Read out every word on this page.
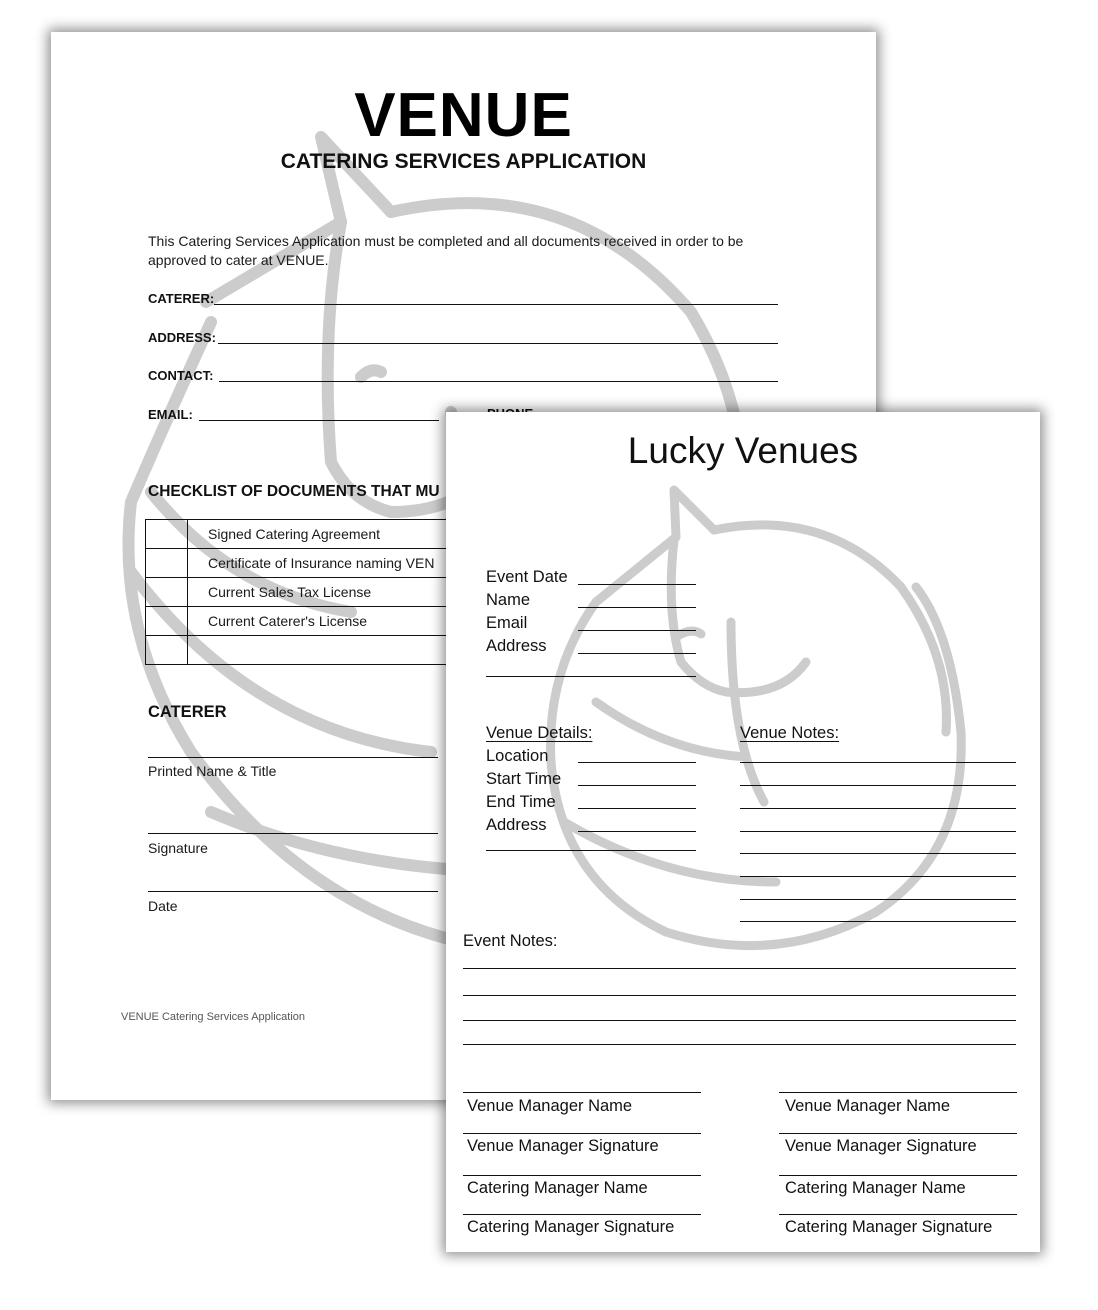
VENUE
CATERING SERVICES APPLICATION
This Catering Services Application must be completed and all documents received in order to be approved to cater at VENUE.
CATERER:
ADDRESS:
CONTACT:
EMAIL:
CHECKLIST OF DOCUMENTS THAT MU
	Signed Catering Agreement
	Certificate of Insurance naming VEN
	Current Sales Tax License
	Current Caterer's License

CATERER
Printed Name & Title
Signature
Date
VENUE Catering Services Application
Lucky Venues
Event Date
Name
Email
Address
Venue Details:
Location
Start Time
End Time
Address
Venue Notes:
Event Notes:
Venue Manager Name
Venue Manager Signature
Catering Manager Name
Catering Manager Signature
Venue Manager Name
Venue Manager Signature
Catering Manager Name
Catering Manager Signature
